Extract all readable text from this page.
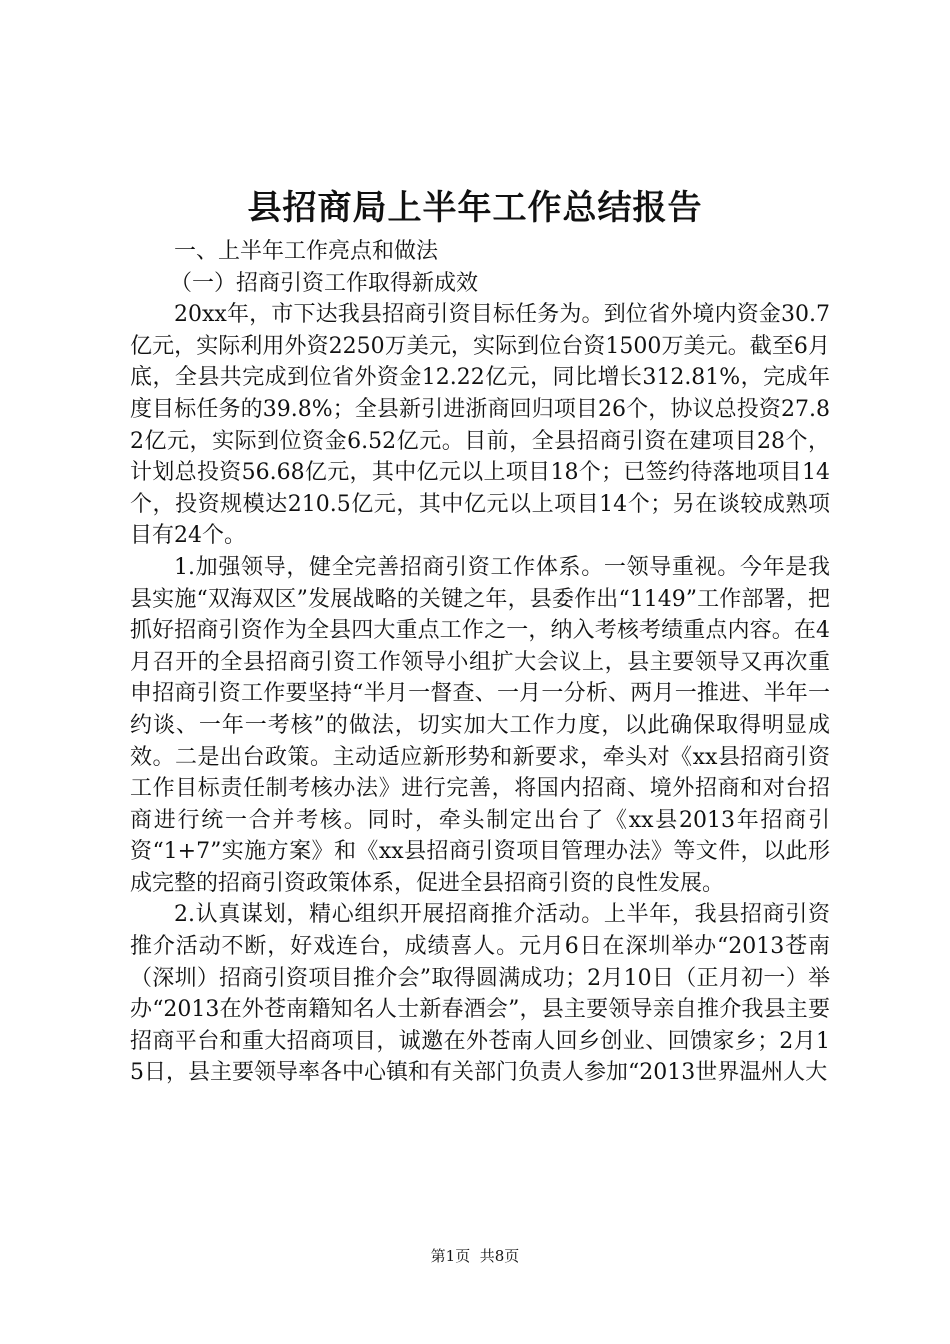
县招商局上半年工作总结报告

一、上半年工作亮点和做法

（一）招商引资工作取得新成效

20xx年，市下达我县招商引资目标任务为。到位省外境内资金30.7亿元，实际利用外资2250万美元，实际到位台资1500万美元。截至6月底，全县共完成到位省外资金12.22亿元，同比增长312.81%，完成年度目标任务的39.8%；全县新引进浙商回归项目26个，协议总投资27.82亿元，实际到位资金6.52亿元。目前，全县招商引资在建项目28个，计划总投资56.68亿元，其中亿元以上项目18个；已签约待落地项目14个，投资规模达210.5亿元，其中亿元以上项目14个；另在谈较成熟项目有24个。

1.加强领导，健全完善招商引资工作体系。一领导重视。今年是我县实施“双海双区”发展战略的关键之年，县委作出“1149”工作部署，把抓好招商引资作为全县四大重点工作之一，纳入考核考绩重点内容。在4月召开的全县招商引资工作领导小组扩大会议上，县主要领导又再次重申招商引资工作要坚持“半月一督查、一月一分析、两月一推进、半年一约谈、一年一考核”的做法，切实加大工作力度，以此确保取得明显成效。二是出台政策。主动适应新形势和新要求，牵头对《xx县招商引资工作目标责任制考核办法》进行完善，将国内招商、境外招商和对台招商进行统一合并考核。同时，牵头制定出台了《xx县2013年招商引资“1+7”实施方案》和《xx县招商引资项目管理办法》等文件，以此形成完整的招商引资政策体系，促进全县招商引资的良性发展。

2.认真谋划，精心组织开展招商推介活动。上半年，我县招商引资推介活动不断，好戏连台，成绩喜人。元月6日在深圳举办“2013苍南（深圳）招商引资项目推介会”取得圆满成功；2月10日（正月初一）举办“2013在外苍南籍知名人士新春酒会”，县主要领导亲自推介我县主要招商平台和重大招商项目，诚邀在外苍南人回乡创业、回馈家乡；2月15日，县主要领导率各中心镇和有关部门负责人参加“2013世界温州人大

第1页 共8页
